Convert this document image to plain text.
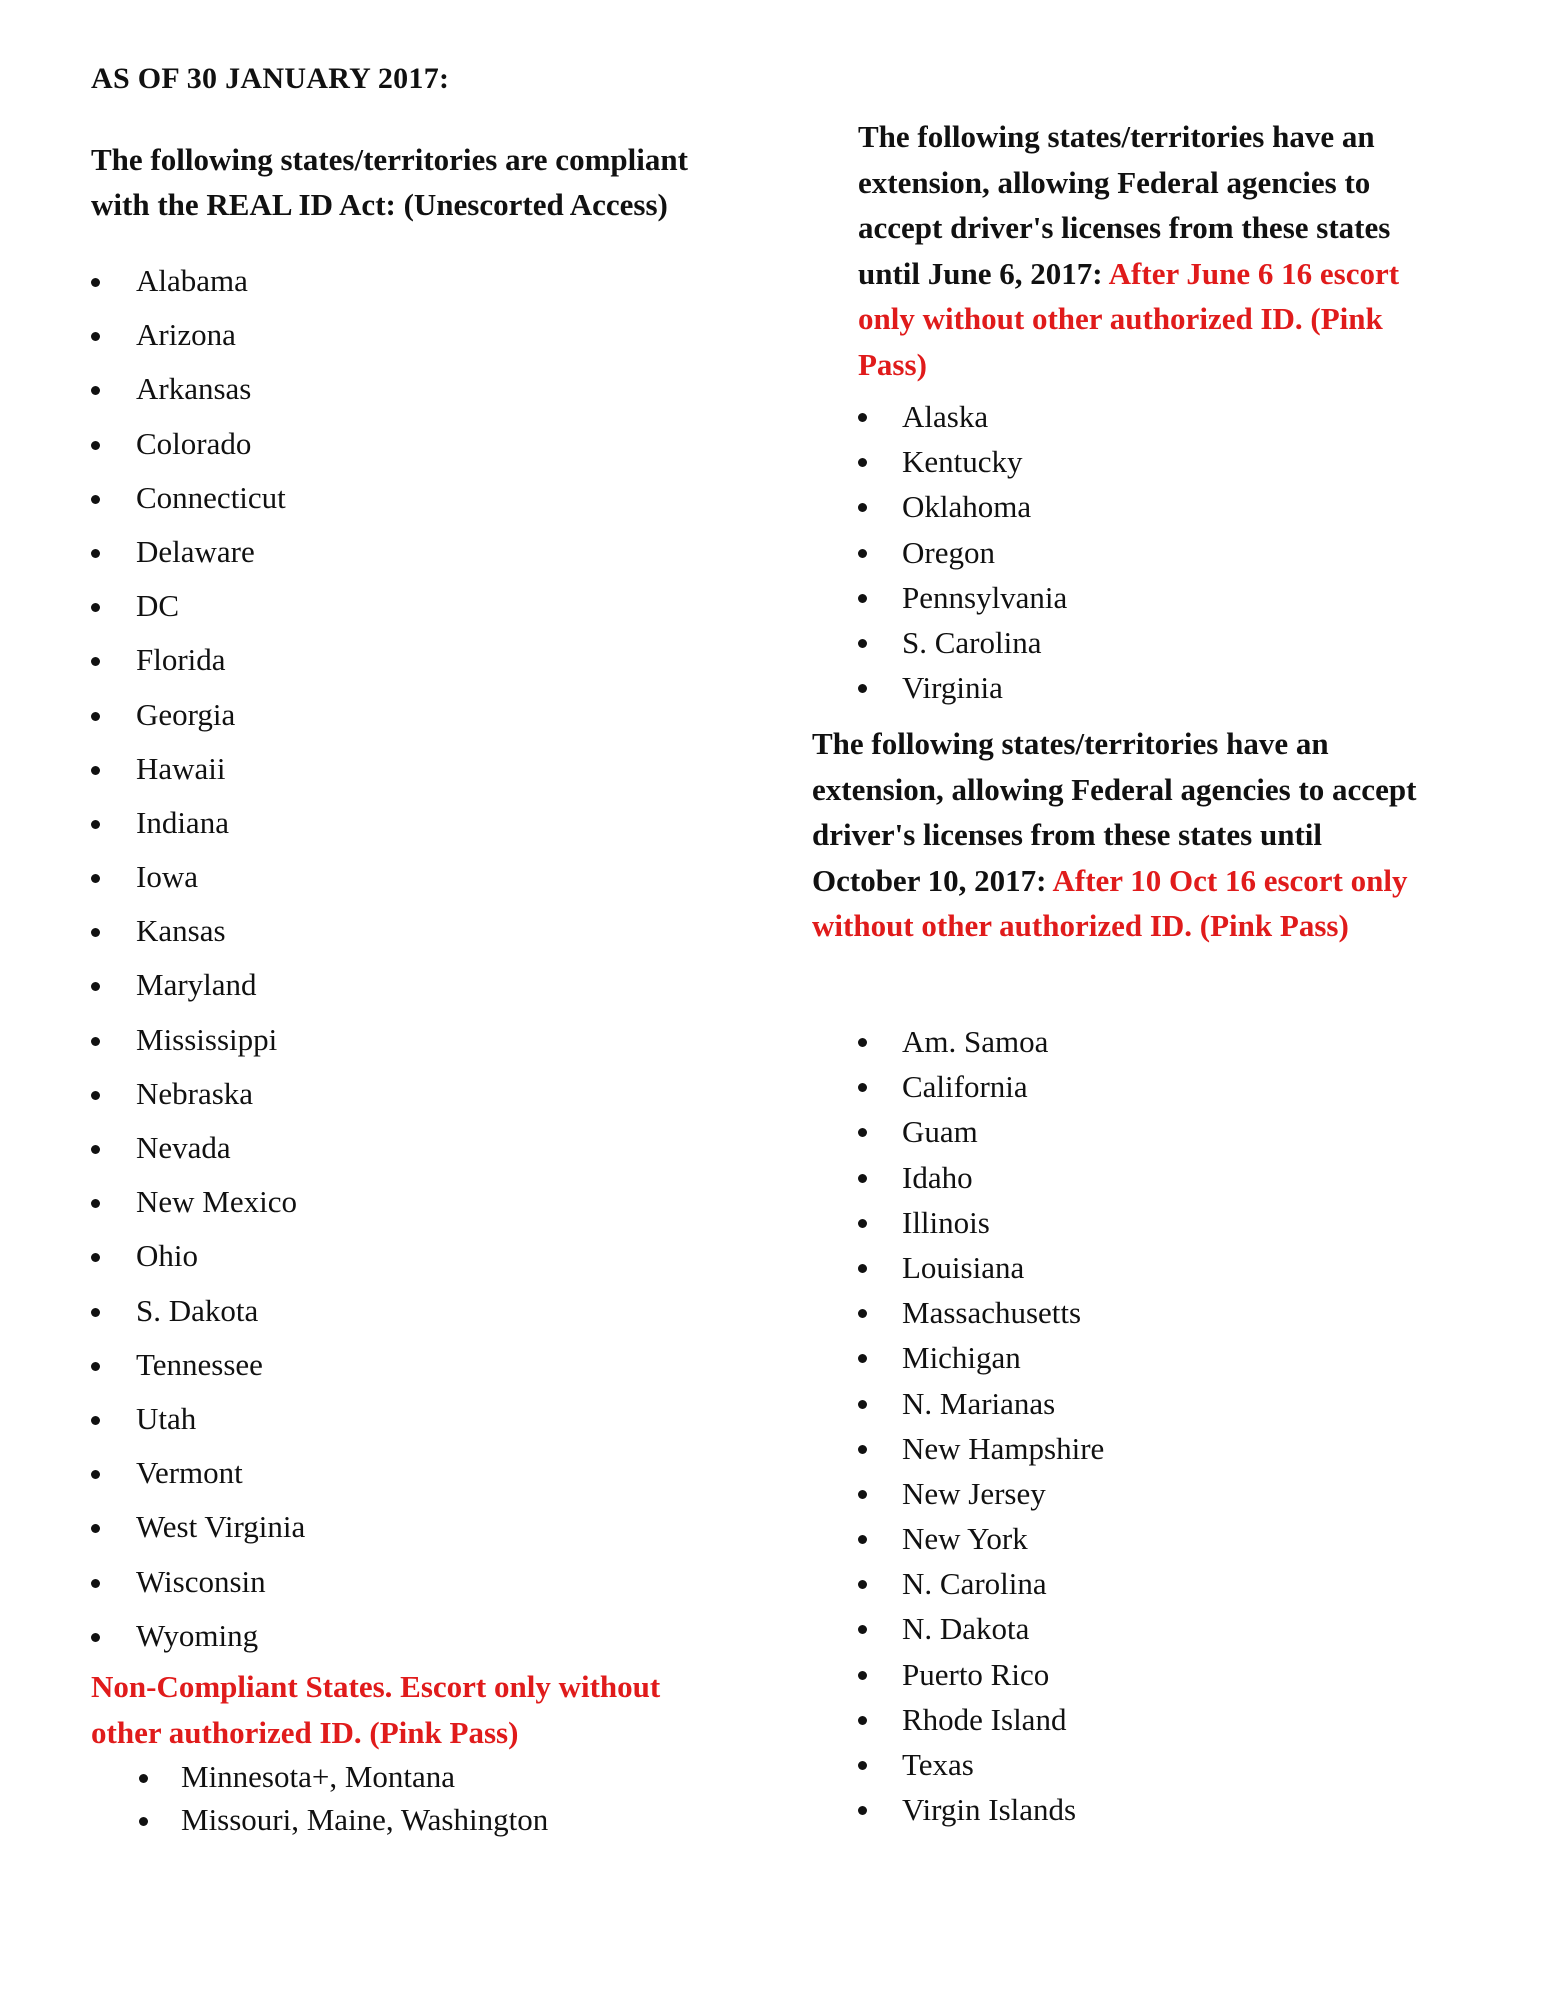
AS OF 30 JANUARY 2017:
The following states/territories are compliant with the REAL ID Act: (Unescorted Access)
Alabama
Arizona
Arkansas
Colorado
Connecticut
Delaware
DC
Florida
Georgia
Hawaii
Indiana
Iowa
Kansas
Maryland
Mississippi
Nebraska
Nevada
New Mexico
Ohio
S. Dakota
Tennessee
Utah
Vermont
West Virginia
Wisconsin
Wyoming
Non-Compliant States. Escort only without other authorized ID. (Pink Pass)
Minnesota+, Montana
Missouri, Maine, Washington
The following states/territories have an extension, allowing Federal agencies to accept driver's licenses from these states until June 6, 2017: After June 6 16 escort only without other authorized ID. (Pink Pass)
Alaska
Kentucky
Oklahoma
Oregon
Pennsylvania
S. Carolina
Virginia
The following states/territories have an extension, allowing Federal agencies to accept driver's licenses from these states until October 10, 2017: After 10 Oct 16 escort only without other authorized ID. (Pink Pass)
Am. Samoa
California
Guam
Idaho
Illinois
Louisiana
Massachusetts
Michigan
N. Marianas
New Hampshire
New Jersey
New York
N. Carolina
N. Dakota
Puerto Rico
Rhode Island
Texas
Virgin Islands
